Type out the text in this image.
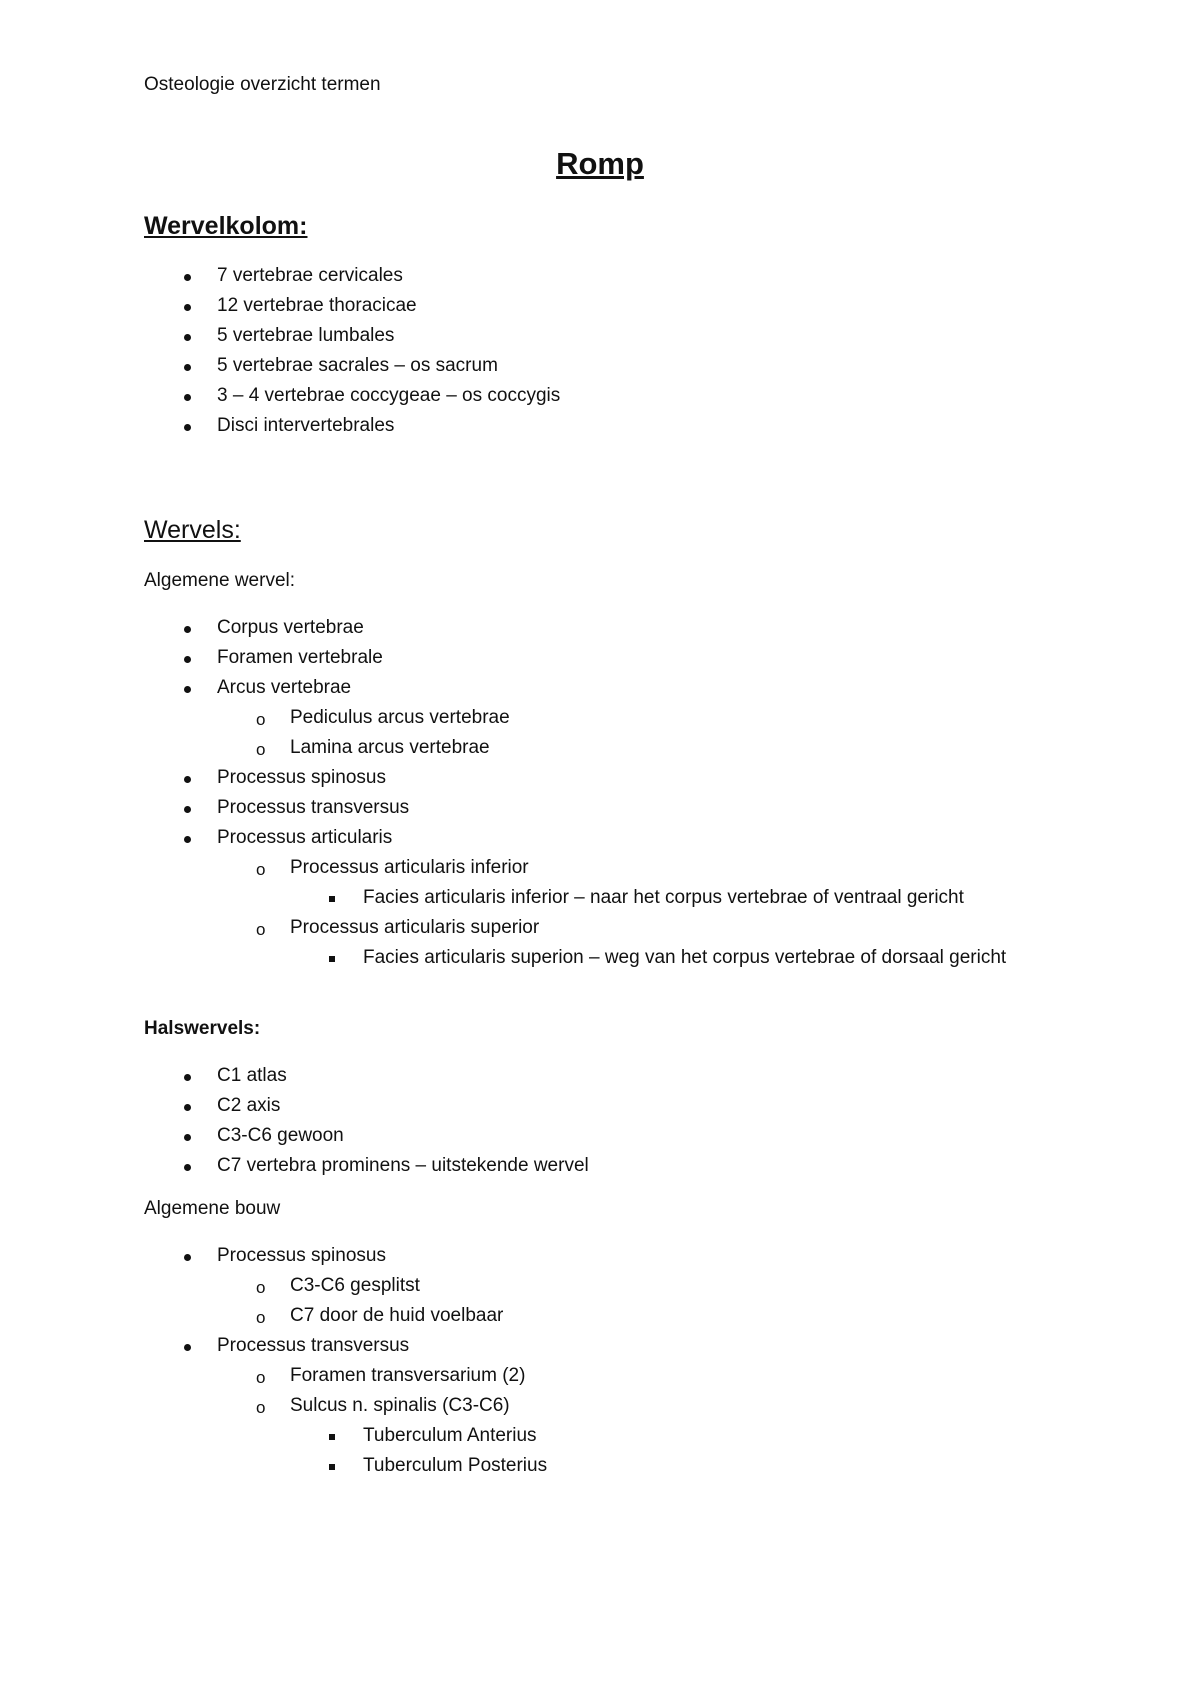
Osteologie overzicht termen
Romp
Wervelkolom:
7 vertebrae cervicales
12 vertebrae thoracicae
5 vertebrae lumbales
5 vertebrae sacrales – os sacrum
3 – 4 vertebrae coccygeae – os coccygis
Disci intervertebrales
Wervels:
Algemene wervel:
Corpus vertebrae
Foramen vertebrale
Arcus vertebrae
o Pediculus arcus vertebrae
o Lamina arcus vertebrae
Processus spinosus
Processus transversus
Processus articularis
o Processus articularis inferior
Facies articularis inferior – naar het corpus vertebrae of ventraal gericht
o Processus articularis superior
Facies articularis superion – weg van het corpus vertebrae of dorsaal gericht
Halswervels:
C1 atlas
C2 axis
C3-C6 gewoon
C7 vertebra prominens – uitstekende wervel
Algemene bouw
Processus spinosus
o C3-C6 gesplitst
o C7 door de huid voelbaar
Processus transversus
o Foramen transversarium (2)
o Sulcus n. spinalis (C3-C6)
Tuberculum Anterius
Tuberculum Posterius
